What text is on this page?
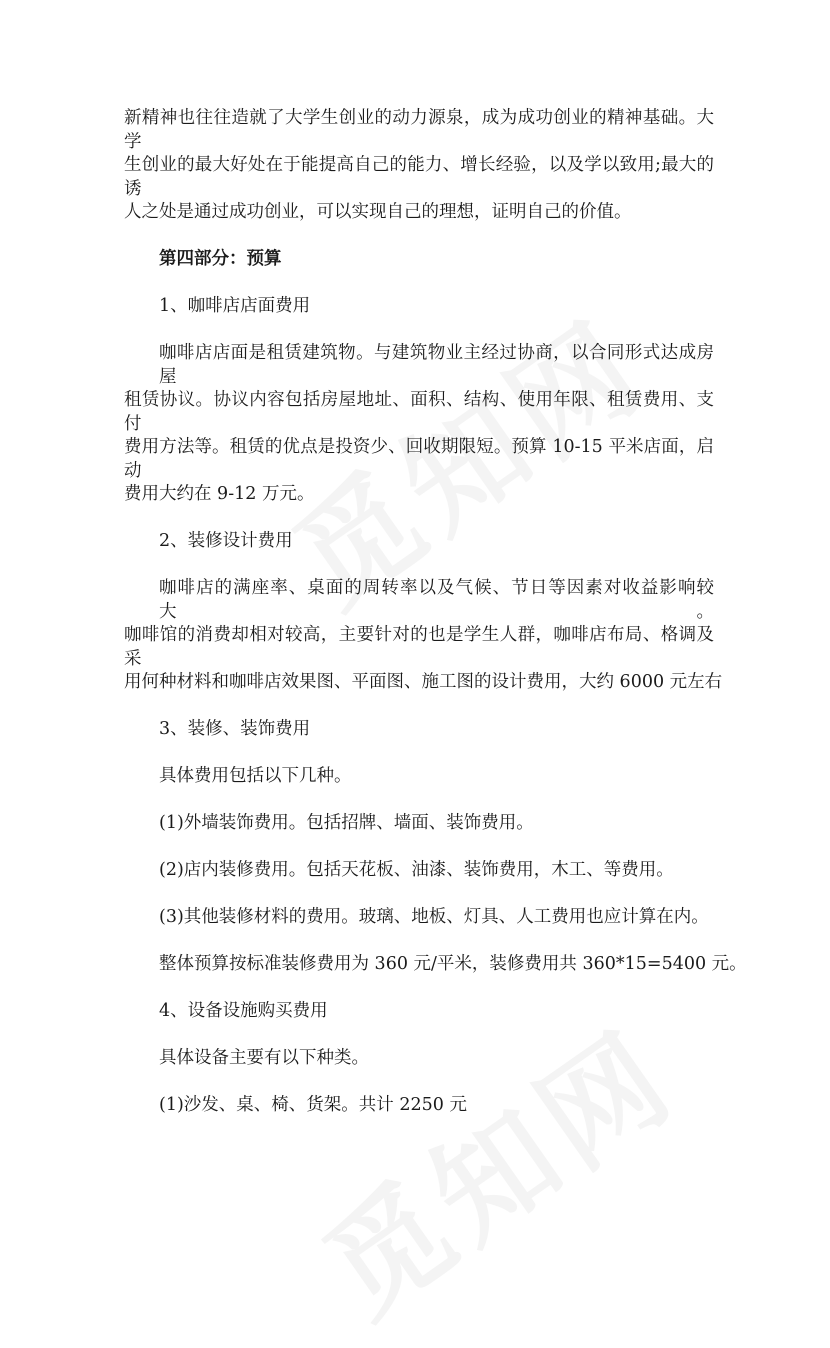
新精神也往往造就了大学生创业的动力源泉，成为成功创业的精神基础。大学
生创业的最大好处在于能提高自己的能力、增长经验，以及学以致用;最大的诱
人之处是通过成功创业，可以实现自己的理想，证明自己的价值。
第四部分：预算
1、咖啡店店面费用
咖啡店店面是租赁建筑物。与建筑物业主经过协商，以合同形式达成房屋
租赁协议。协议内容包括房屋地址、面积、结构、使用年限、租赁费用、支付
费用方法等。租赁的优点是投资少、回收期限短。预算 10-15 平米店面，启动
费用大约在 9-12 万元。
2、装修设计费用
咖啡店的满座率、桌面的周转率以及气候、节日等因素对收益影响较大。
咖啡馆的消费却相对较高，主要针对的也是学生人群，咖啡店布局、格调及采
用何种材料和咖啡店效果图、平面图、施工图的设计费用，大约 6000 元左右
3、装修、装饰费用
具体费用包括以下几种。
(1)外墙装饰费用。包括招牌、墙面、装饰费用。
(2)店内装修费用。包括天花板、油漆、装饰费用，木工、等费用。
(3)其他装修材料的费用。玻璃、地板、灯具、人工费用也应计算在内。
整体预算按标准装修费用为 360 元/平米，装修费用共 360*15=5400 元。
4、设备设施购买费用
具体设备主要有以下种类。
(1)沙发、桌、椅、货架。共计 2250 元
